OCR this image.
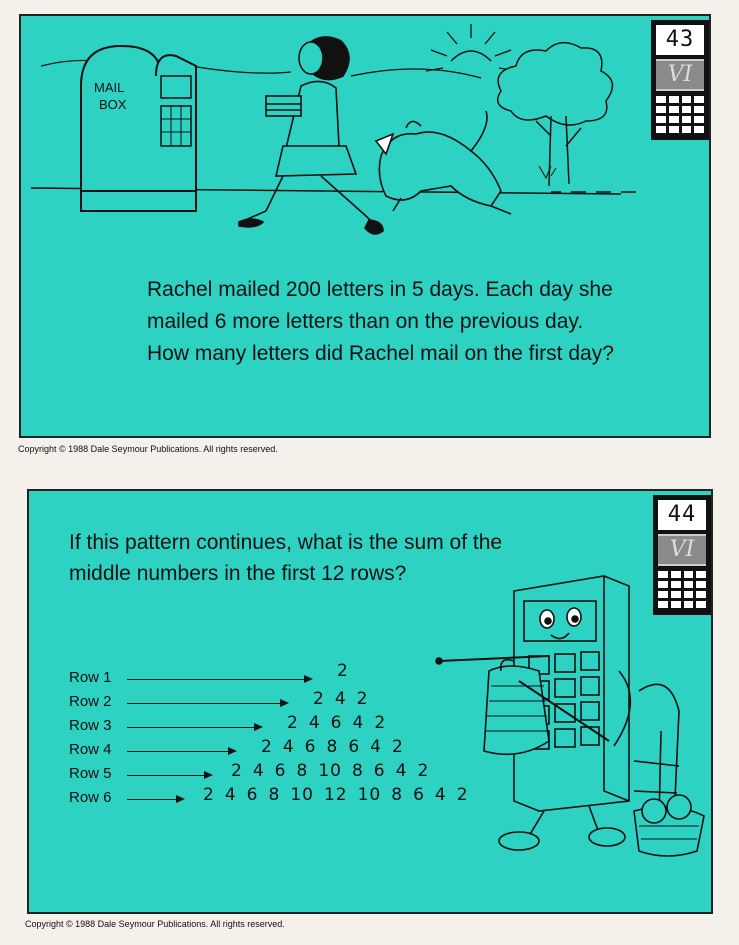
MAIL
BOX
43
VI

Rachel mailed 200 letters in 5 days. Each day she mailed 6 more letters than on the previous day. How many letters did Rachel mail on the first day?

Copyright © 1988 Dale Seymour Publications. All rights reserved.
44
VI

If this pattern continues, what is the sum of the middle numbers in the first 12 rows?

Row 1	2
Row 2	2 4 2
Row 3	2 4 6 4 2
Row 4	2 4 6 8 6 4 2
Row 5	2 4 6 8 10 8 6 4 2
Row 6	2 4 6 8 10 12 10 8 6 4 2
Copyright © 1988 Dale Seymour Publications. All rights reserved.
